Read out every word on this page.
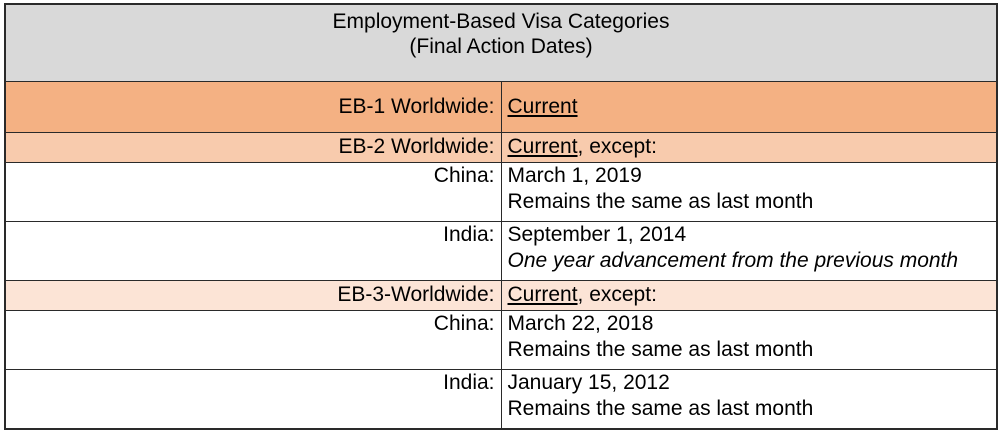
Employment-Based Visa Categories
(Final Action Dates)	

EB-1 Worldwide:	Current
EB-2 Worldwide:	Current, except:
China:	March 1, 2019
Remains the same as last month

India:	September 1, 2014
One year advancement from the previous month

EB-3-Worldwide:	Current, except:
China:	March 22, 2018
Remains the same as last month

India:	January 15, 2012
Remains the same as last month
